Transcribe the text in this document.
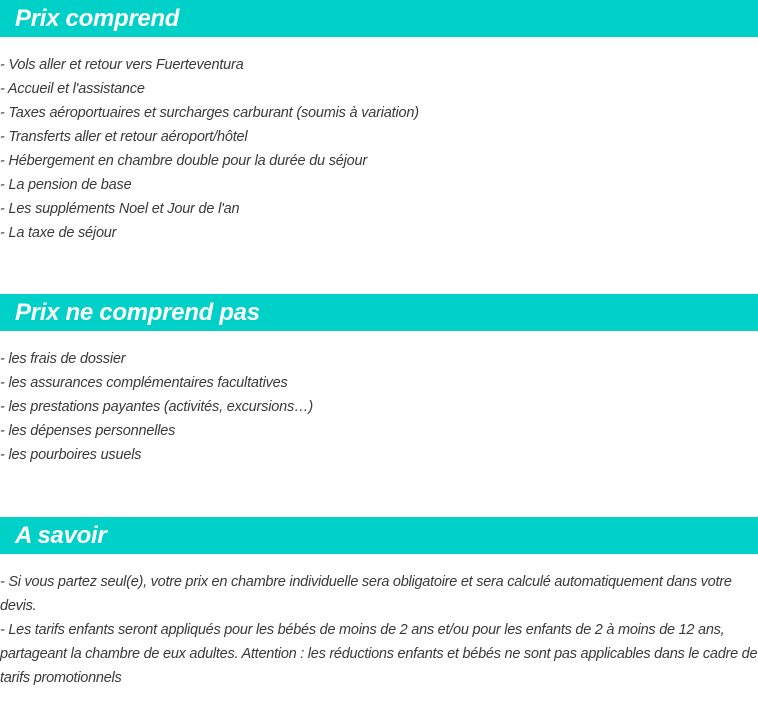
Prix comprend

- Vols aller et retour vers Fuerteventura

- Accueil et l'assistance

- Taxes aéroportuaires et surcharges carburant (soumis à variation)

- Transferts aller et retour aéroport/hôtel

- Hébergement en chambre double pour la durée du séjour

- La pension de base

- Les suppléments Noel et Jour de l'an

- La taxe de séjour

Prix ne comprend pas

- les frais de dossier

- les assurances complémentaires facultatives

- les prestations payantes (activités, excursions…)

- les dépenses personnelles

- les pourboires usuels

A savoir

- Si vous partez seul(e), votre prix en chambre individuelle sera obligatoire et sera calculé automatiquement dans votre devis.

- Les tarifs enfants seront appliqués pour les bébés de moins de 2 ans et/ou pour les enfants de 2 à moins de 12 ans, partageant la chambre de eux adultes. Attention : les réductions enfants et bébés ne sont pas applicables dans le cadre de tarifs promotionnels
